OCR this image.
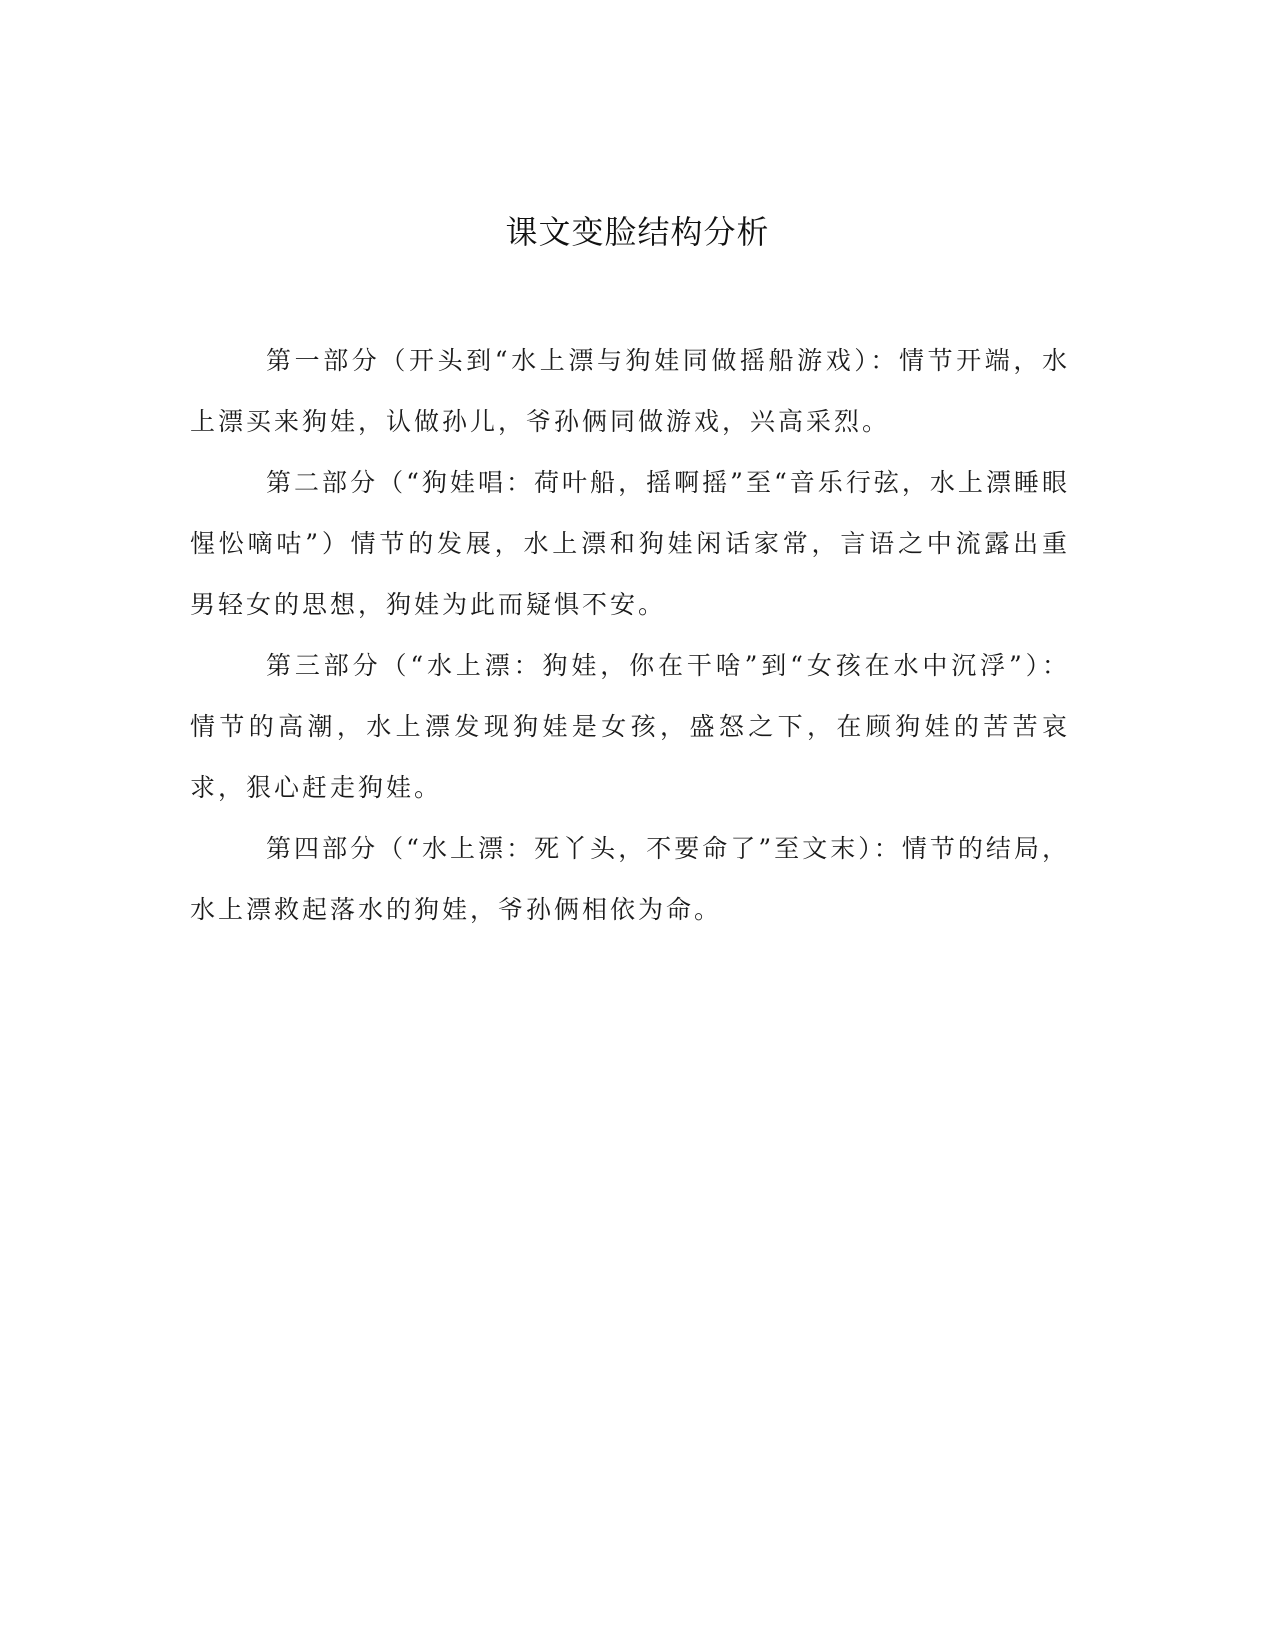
课文变脸结构分析

第一部分（开头到“水上漂与狗娃同做摇船游戏）：情节开端，水上漂买来狗娃，认做孙儿，爷孙俩同做游戏，兴高采烈。

第二部分（“狗娃唱：荷叶船，摇啊摇”至“音乐行弦，水上漂睡眼惺忪嘀咕”）情节的发展，水上漂和狗娃闲话家常，言语之中流露出重男轻女的思想，狗娃为此而疑惧不安。

第三部分（“水上漂：狗娃，你在干啥”到“女孩在水中沉浮”）：情节的高潮，水上漂发现狗娃是女孩，盛怒之下，在顾狗娃的苦苦哀求，狠心赶走狗娃。

第四部分（“水上漂：死丫头，不要命了”至文末）：情节的结局，水上漂救起落水的狗娃，爷孙俩相依为命。
